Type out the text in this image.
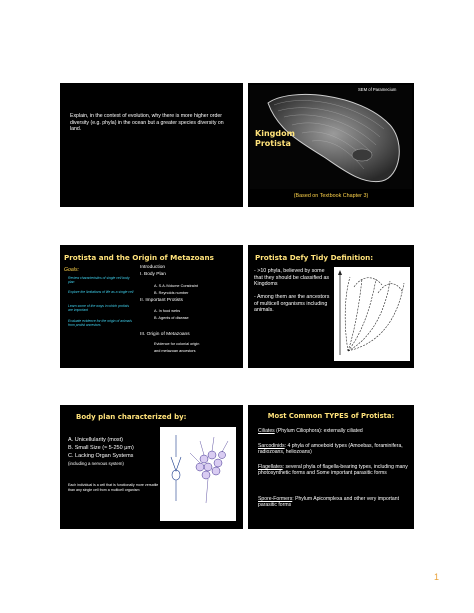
Explain, in the context of evolution, why there is more higher order diversity (e.g. phyla) in the ocean but a greater species diversity on land.
SEM of Paramecium
Kingdom
Protista
(Based on Textbook Chapter 3)
Protista and the Origin of Metazoans
Goals:
Review characteristics of single cell body plan
Explore the limitations of life as a single cell
Learn some of the ways in which protists are important
Evaluate evidence for the origin of animals from protist ancestors
Introduction
I. Body Plan
A. S.A./Volume Constraint
B. Reynolds number
II. Important Protists
A. In food webs
B. Agents of disease
III. Origin of Metazoans
Evidence for colonial origin
and metazoan ancestors
Protista Defy Tidy Definition:
- >10 phyla, believed by some that they should be classified as Kingdoms
- Among them are the ancestors of multicell organisms including animals.
Body plan characterized by:
A. Unicellularity (most)
B. Small Size (≈ 5-250 μm)
C. Lacking Organ Systems
(including a nervous system)
Each individual is a cell that is functionally more versatile than any single cell from a multicell organism
(A) Idina choanflagellate
(B) Sessil choanflagellate
Most Common TYPES of Protista:
Ciliates (Phylum Ciliophora): externally ciliated
Sarcodinids: 4 phyla of amoeboid types (Amoebas, foraminifera, radiozoans, heliozoans)
Flagellates: several phyla of flagella-bearing types, including many photosynthetic forms and Some important parasitic forms
Spore-Formers: Phylum Apicomplexa and other very important parasitic forms
1
